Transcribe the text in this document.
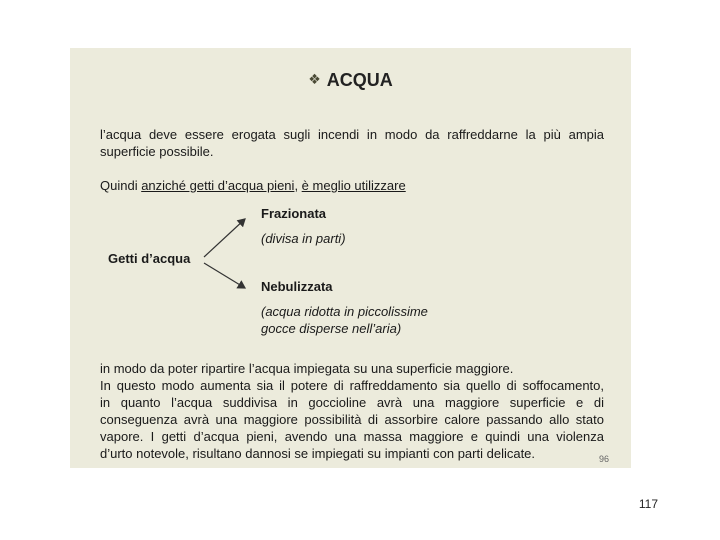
❖ ACQUA
l’acqua deve essere erogata sugli incendi in modo da raffreddarne la più ampia
superficie possibile.
Quindi anziché getti d’acqua pieni, è meglio utilizzare
Frazionata
(divisa in parti)
Getti d’acqua
Nebulizzata
(acqua ridotta in piccolissime
gocce disperse nell’aria)
in modo da poter ripartire l’acqua impiegata su una superficie maggiore.
In questo modo aumenta sia il potere di raffreddamento sia quello di soffocamento,
in quanto l’acqua suddivisa in goccioline avrà una maggiore superficie e di
conseguenza avrà una maggiore possibilità di assorbire calore passando allo stato
vapore. I getti d’acqua pieni, avendo una massa maggiore e quindi una violenza
d’urto notevole, risultano dannosi se impiegati su impianti con parti delicate.	96
117
